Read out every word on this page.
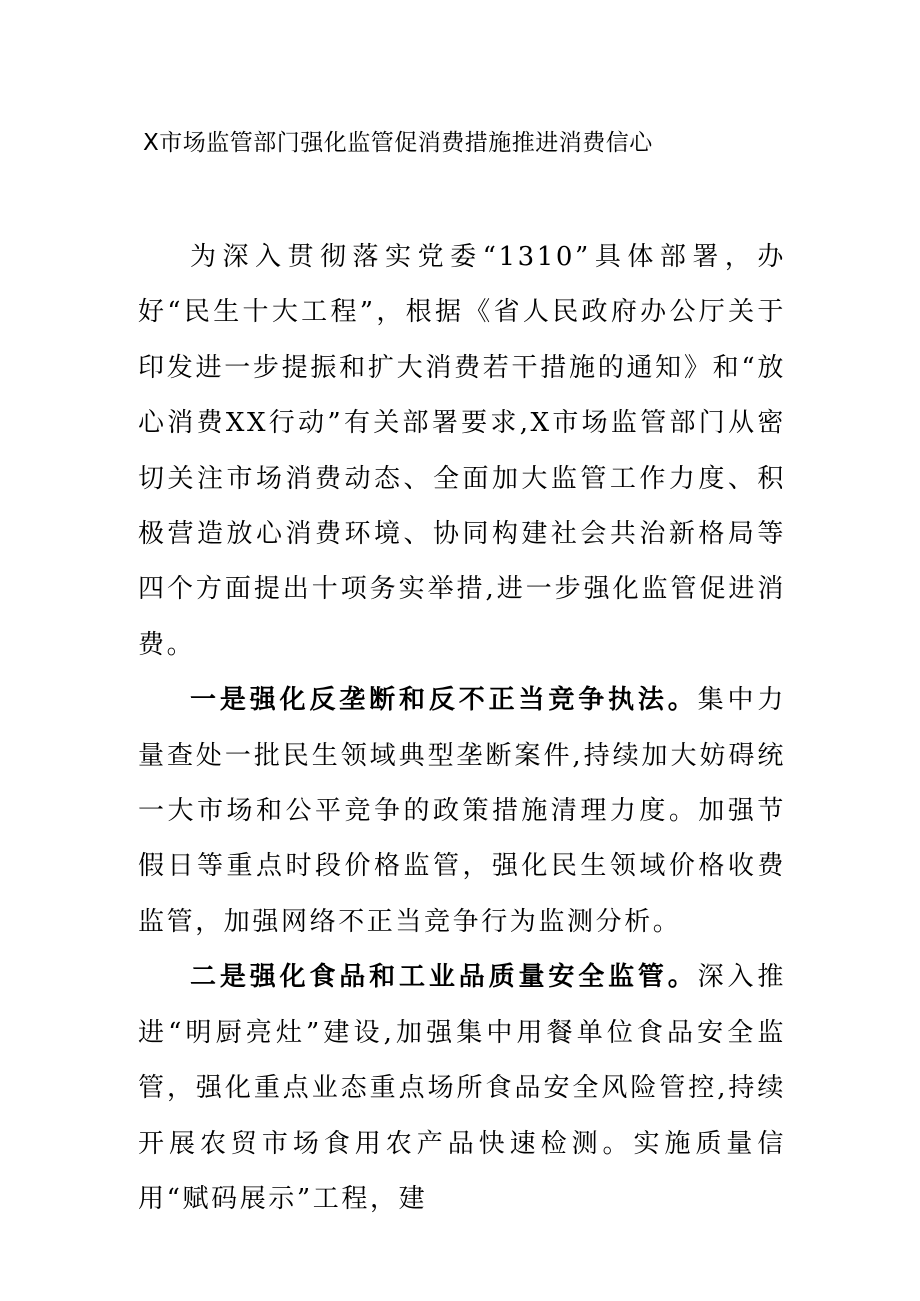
X市场监管部门强化监管促消费措施推进消费信心

为深入贯彻落实党委“1310”具体部署，办好“民生十大工程”，根据《省人民政府办公厅关于印发进一步提振和扩大消费若干措施的通知》和“放心消费XX行动”有关部署要求,X市场监管部门从密切关注市场消费动态、全面加大监管工作力度、积极营造放心消费环境、协同构建社会共治新格局等四个方面提出十项务实举措,进一步强化监管促进消费。

一是强化反垄断和反不正当竞争执法。集中力量查处一批民生领域典型垄断案件,持续加大妨碍统一大市场和公平竞争的政策措施清理力度。加强节假日等重点时段价格监管，强化民生领域价格收费监管，加强网络不正当竞争行为监测分析。

二是强化食品和工业品质量安全监管。深入推进“明厨亮灶”建设,加强集中用餐单位食品安全监管，强化重点业态重点场所食品安全风险管控,持续开展农贸市场食用农产品快速检测。实施质量信用“赋码展示”工程，建
